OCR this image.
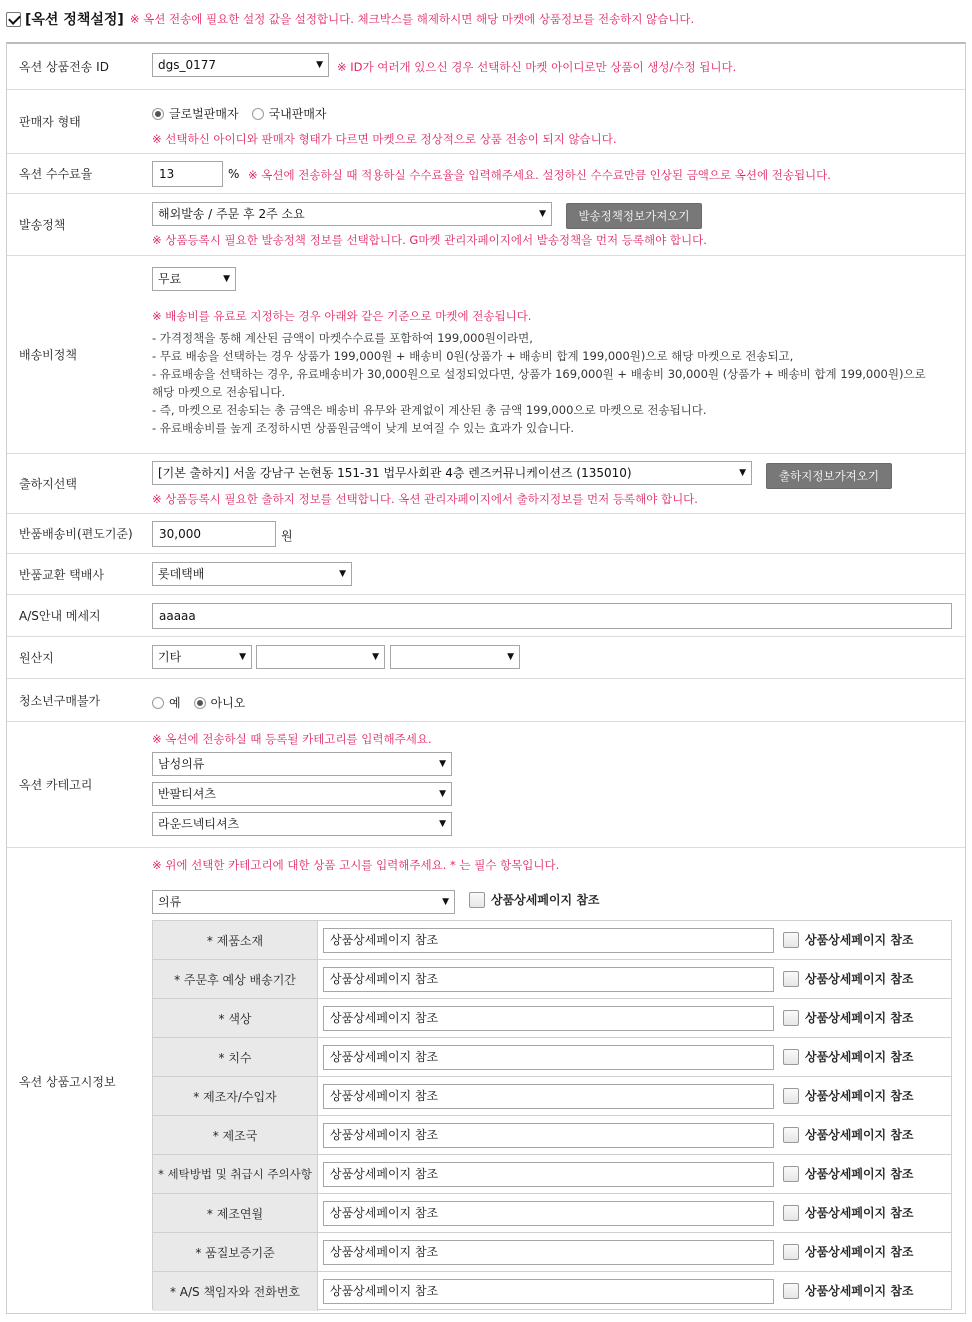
[옥션 정책설정] ※ 옥션 전송에 필요한 설정 값을 설정합니다. 체크박스를 해제하시면 해당 마켓에 상품정보를 전송하지 않습니다.
옥션 상품전송 ID	dgs_0177	▼ ※ ID가 여러개 있으신 경우 선택하신 마켓 아이디로만 상품이 생성/수정 됩니다.
판매자 형태
글로벌판매자	국내판매자
※ 선택하신 아이디와 판매자 형태가 다르면 마켓으로 정상적으로 상품 전송이 되지 않습니다.
옥션 수수료율	13	% ※ 옥션에 전송하실 때 적용하실 수수료율을 입력해주세요. 설정하신 수수료만큼 인상된 금액으로 옥션에 전송됩니다.
발송정책
해외발송 / 주문 후 2주 소요	▼	발송정책정보가져오기
※ 상품등록시 필요한 발송정책 정보를 선택합니다. G마켓 관리자페이지에서 발송정책을 먼저 등록해야 합니다.
배송비정책
무료	▼
※ 배송비를 유료로 지정하는 경우 아래와 같은 기준으로 마켓에 전송됩니다.
- 가격정책을 통해 계산된 금액이 마켓수수료를 포함하여 199,000원이라면,
- 무료 배송을 선택하는 경우 상품가 199,000원 + 배송비 0원(상품가 + 배송비 합계 199,000원)으로 해당 마켓으로 전송되고,
- 유료배송을 선택하는 경우, 유료배송비가 30,000원으로 설정되었다면, 상품가 169,000원 + 배송비 30,000원 (상품가 + 배송비 합계 199,000원)으로
해당 마켓으로 전송됩니다.
- 즉, 마켓으로 전송되는 총 금액은 배송비 유무와 관계없이 계산된 총 금액 199,000으로 마켓으로 전송됩니다.
- 유료배송비를 높게 조정하시면 상품원금액이 낮게 보여질 수 있는 효과가 있습니다.
출하지선택
[기본 출하지] 서울 강남구 논현동 151-31 법무사회관 4층 렌즈커뮤니케이션즈 (135010)	▼	출하지정보가져오기
※ 상품등록시 필요한 출하지 정보를 선택합니다. 옥션 관리자페이지에서 출하지정보를 먼저 등록해야 합니다.
반품배송비(편도기준)	30,000	원
반품교환 택배사	롯데택배	▼
A/S안내 메세지	aaaaa
원산지	기타	▼	▼	▼
청소년구매불가	예	아니오
옥션 카테고리
※ 옥션에 전송하실 때 등록될 카테고리를 입력해주세요.
남성의류	▼
반팔티셔츠	▼
라운드넥티셔츠	▼
옥션 상품고시정보
※ 위에 선택한 카테고리에 대한 상품 고시를 입력해주세요. * 는 필수 항목입니다.
의류	▼	상품상세페이지 참조
* 제품소재	상품상세페이지 참조	상품상세페이지 참조
* 주문후 예상 배송기간	상품상세페이지 참조	상품상세페이지 참조
* 색상	상품상세페이지 참조	상품상세페이지 참조
* 치수	상품상세페이지 참조	상품상세페이지 참조
* 제조자/수입자	상품상세페이지 참조	상품상세페이지 참조
* 제조국	상품상세페이지 참조	상품상세페이지 참조
* 세탁방법 및 취급시 주의사항	상품상세페이지 참조	상품상세페이지 참조
* 제조연월	상품상세페이지 참조	상품상세페이지 참조
* 품질보증기준	상품상세페이지 참조	상품상세페이지 참조
* A/S 책임자와 전화번호	상품상세페이지 참조	상품상세페이지 참조
